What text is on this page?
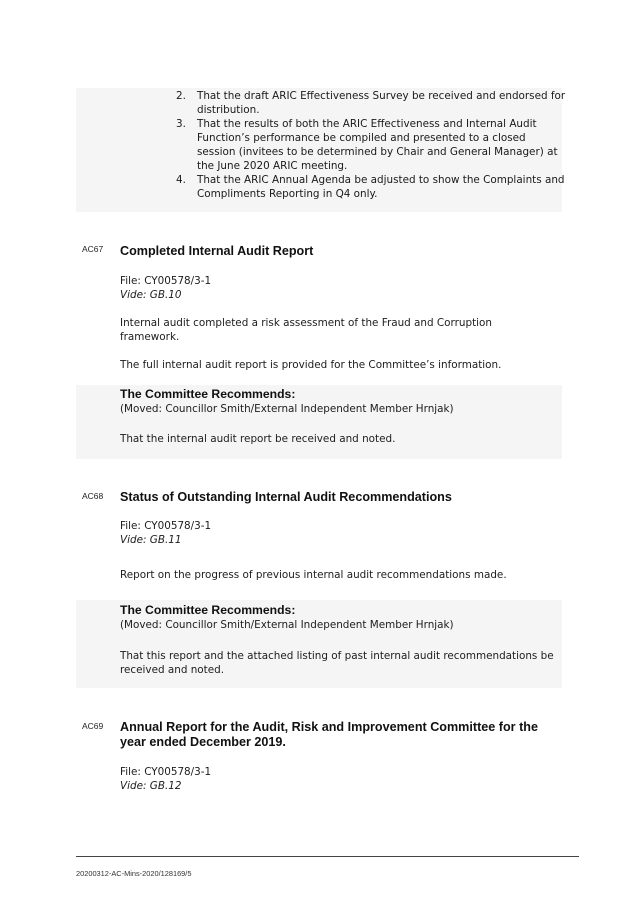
2.	That the draft ARIC Effectiveness Survey be received and endorsed for distribution.
3.	That the results of both the ARIC Effectiveness and Internal Audit Function’s performance be compiled and presented to a closed session (invitees to be determined by Chair and General Manager) at the June 2020 ARIC meeting.
4.	That the ARIC Annual Agenda be adjusted to show the Complaints and Compliments Reporting in Q4 only.
AC67 Completed Internal Audit Report
File: CY00578/3-1
Vide: GB.10
Internal audit completed a risk assessment of the Fraud and Corruption framework.
The full internal audit report is provided for the Committee’s information.
The Committee Recommends:
(Moved: Councillor Smith/External Independent Member Hrnjak)
That the internal audit report be received and noted.
AC68 Status of Outstanding Internal Audit Recommendations
File: CY00578/3-1
Vide: GB.11
Report on the progress of previous internal audit recommendations made.
The Committee Recommends:
(Moved: Councillor Smith/External Independent Member Hrnjak)
That this report and the attached listing of past internal audit recommendations be received and noted.
AC69 Annual Report for the Audit, Risk and Improvement Committee for the year ended December 2019.
File: CY00578/3-1
Vide: GB.12
20200312-AC-Mins-2020/128169/5
